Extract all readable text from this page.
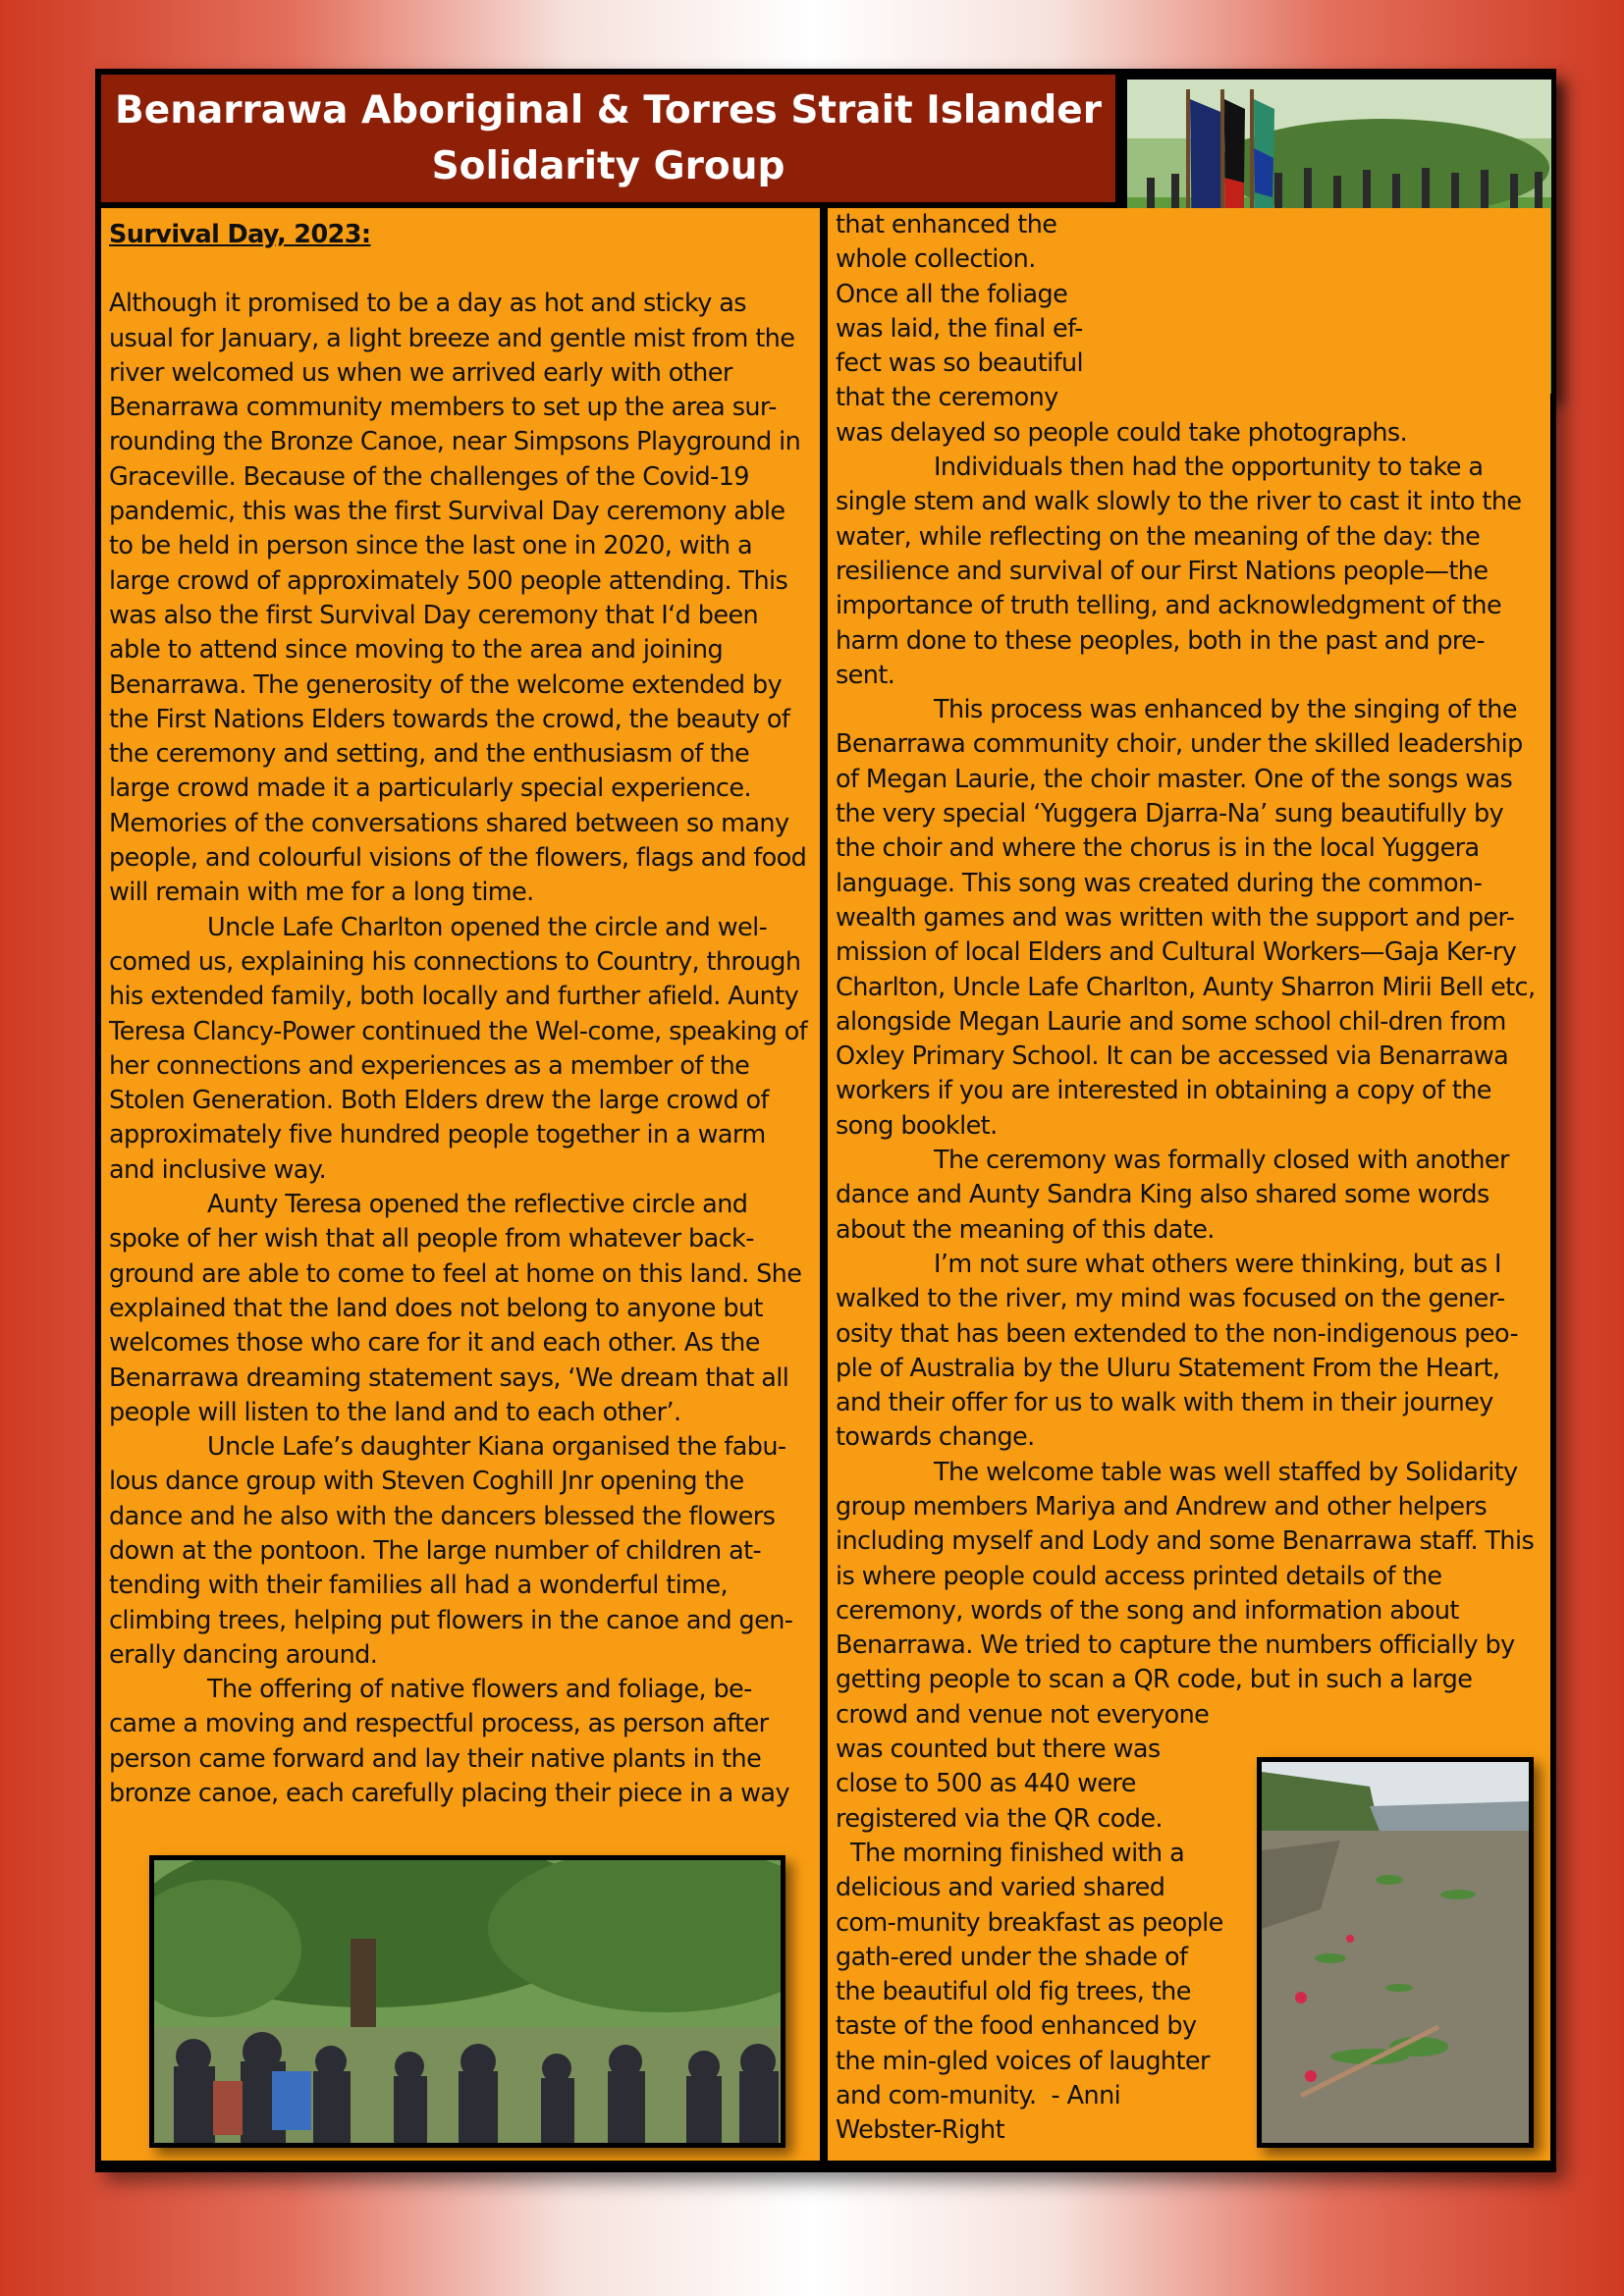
Benarrawa Aboriginal & Torres Strait Islander
Solidarity Group

Survival Day, 2023:

Although it promised to be a day as hot and sticky as usual for January, a light breeze and gentle mist from the river welcomed us when we arrived early with other Benarrawa community members to set up the area sur-rounding the Bronze Canoe, near Simpsons Playground in Graceville. Because of the challenges of the Covid-19 pandemic, this was the first Survival Day ceremony able to be held in person since the last one in 2020, with a large crowd of approximately 500 people attending. This was also the first Survival Day ceremony that I‘d been able to attend since moving to the area and joining Benarrawa. The generosity of the welcome extended by the First Nations Elders towards the crowd, the beauty of the ceremony and setting, and the enthusiasm of the large crowd made it a particularly special experience. Memories of the conversations shared between so many people, and colourful visions of the flowers, flags and food will remain with me for a long time.

Uncle Lafe Charlton opened the circle and wel-comed us, explaining his connections to Country, through his extended family, both locally and further afield. Aunty Teresa Clancy-Power continued the Wel-come, speaking of her connections and experiences as a member of the Stolen Generation. Both Elders drew the large crowd of approximately five hundred people together in a warm and inclusive way.

Aunty Teresa opened the reflective circle and spoke of her wish that all people from whatever back-ground are able to come to feel at home on this land. She explained that the land does not belong to anyone but welcomes those who care for it and each other. As the Benarrawa dreaming statement says, ‘We dream that all people will listen to the land and to each other’.

Uncle Lafe’s daughter Kiana organised the fabu-lous dance group with Steven Coghill Jnr opening the dance and he also with the dancers blessed the flowers down at the pontoon. The large number of children at-tending with their families all had a wonderful time, climbing trees, helping put flowers in the canoe and gen-erally dancing around.

The offering of native flowers and foliage, be-came a moving and respectful process, as person after person came forward and lay their native plants in the bronze canoe, each carefully placing their piece in a way

that enhanced the whole collection. Once all the foliage was laid, the final ef-fect was so beautiful that the ceremony

was delayed so people could take photographs.

Individuals then had the opportunity to take a single stem and walk slowly to the river to cast it into the water, while reflecting on the meaning of the day: the resilience and survival of our First Nations people—the importance of truth telling, and acknowledgment of the harm done to these peoples, both in the past and pre-sent.

This process was enhanced by the singing of the Benarrawa community choir, under the skilled leadership of Megan Laurie, the choir master. One of the songs was the very special ‘Yuggera Djarra-Na’ sung beautifully by the choir and where the chorus is in the local Yuggera language. This song was created during the common-wealth games and was written with the support and per-mission of local Elders and Cultural Workers—Gaja Ker-ry Charlton, Uncle Lafe Charlton, Aunty Sharron Mirii Bell etc, alongside Megan Laurie and some school chil-dren from Oxley Primary School. It can be accessed via Benarrawa workers if you are interested in obtaining a copy of the song booklet.

The ceremony was formally closed with another dance and Aunty Sandra King also shared some words about the meaning of this date.

I’m not sure what others were thinking, but as I walked to the river, my mind was focused on the gener-osity that has been extended to the non-indigenous peo-ple of Australia by the Uluru Statement From the Heart, and their offer for us to walk with them in their journey towards change.

The welcome table was well staffed by Solidarity group members Mariya and Andrew and other helpers including myself and Lody and some Benarrawa staff. This is where people could access printed details of the ceremony, words of the song and information about Benarrawa. We tried to capture the numbers officially by getting people to scan a QR code, but in such a large crowd and venue not everyone

was counted but there was close to 500 as 440 were registered via the QR code.

The morning finished with a delicious and varied shared com-munity breakfast as people gath-ered under the shade of the beautiful old fig trees, the taste of the food enhanced by the min-gled voices of laughter and com-munity.  - Anni Webster-Right
